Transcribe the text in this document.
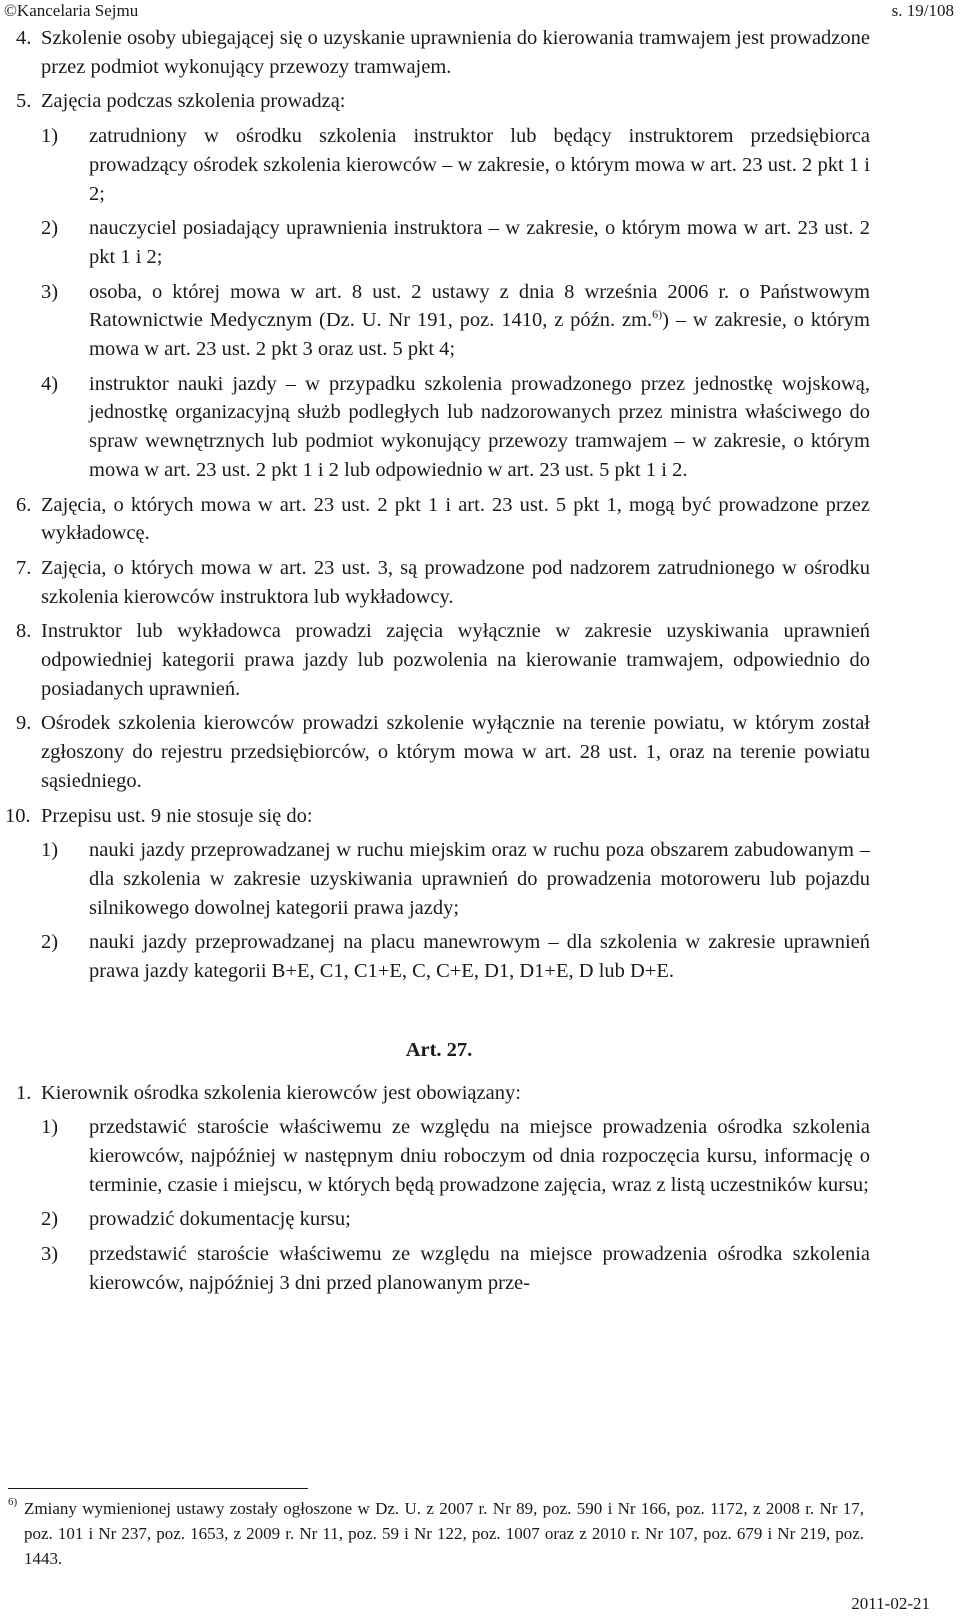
©Kancelaria Sejmu	s. 19/108
4. Szkolenie osoby ubiegającej się o uzyskanie uprawnienia do kierowania tramwajem jest prowadzone przez podmiot wykonujący przewozy tramwajem.
5. Zajęcia podczas szkolenia prowadzą:
1) zatrudniony w ośrodku szkolenia instruktor lub będący instruktorem przedsiębiorca prowadzący ośrodek szkolenia kierowców – w zakresie, o którym mowa w art. 23 ust. 2 pkt 1 i 2;
2) nauczyciel posiadający uprawnienia instruktora – w zakresie, o którym mowa w art. 23 ust. 2 pkt 1 i 2;
3) osoba, o której mowa w art. 8 ust. 2 ustawy z dnia 8 września 2006 r. o Państwowym Ratownictwie Medycznym (Dz. U. Nr 191, poz. 1410, z późn. zm.$^{6)}$) – w zakresie, o którym mowa w art. 23 ust. 2 pkt 3 oraz ust. 5 pkt 4;
4) instruktor nauki jazdy – w przypadku szkolenia prowadzonego przez jednostkę wojskową, jednostkę organizacyjną służb podległych lub nadzorowanych przez ministra właściwego do spraw wewnętrznych lub podmiot wykonujący przewozy tramwajem – w zakresie, o którym mowa w art. 23 ust. 2 pkt 1 i 2 lub odpowiednio w art. 23 ust. 5 pkt 1 i 2.
6. Zajęcia, o których mowa w art. 23 ust. 2 pkt 1 i art. 23 ust. 5 pkt 1, mogą być prowadzone przez wykładowcę.
7. Zajęcia, o których mowa w art. 23 ust. 3, są prowadzone pod nadzorem zatrudnionego w ośrodku szkolenia kierowców instruktora lub wykładowcy.
8. Instruktor lub wykładowca prowadzi zajęcia wyłącznie w zakresie uzyskiwania uprawnień odpowiedniej kategorii prawa jazdy lub pozwolenia na kierowanie tramwajem, odpowiednio do posiadanych uprawnień.
9. Ośrodek szkolenia kierowców prowadzi szkolenie wyłącznie na terenie powiatu, w którym został zgłoszony do rejestru przedsiębiorców, o którym mowa w art. 28 ust. 1, oraz na terenie powiatu sąsiedniego.
10. Przepisu ust. 9 nie stosuje się do:
1) nauki jazdy przeprowadzanej w ruchu miejskim oraz w ruchu poza obszarem zabudowanym – dla szkolenia w zakresie uzyskiwania uprawnień do prowadzenia motoroweru lub pojazdu silnikowego dowolnej kategorii prawa jazdy;
2) nauki jazdy przeprowadzanej na placu manewrowym – dla szkolenia w zakresie uprawnień prawa jazdy kategorii B+E, C1, C1+E, C, C+E, D1, D1+E, D lub D+E.
Art. 27.
1. Kierownik ośrodka szkolenia kierowców jest obowiązany:
1) przedstawić staroście właściwemu ze względu na miejsce prowadzenia ośrodka szkolenia kierowców, najpóźniej w następnym dniu roboczym od dnia rozpoczęcia kursu, informację o terminie, czasie i miejscu, w których będą prowadzone zajęcia, wraz z listą uczestników kursu;
2) prowadzić dokumentację kursu;
3) przedstawić staroście właściwemu ze względu na miejsce prowadzenia ośrodka szkolenia kierowców, najpóźniej 3 dni przed planowanym prze-
6) Zmiany wymienionej ustawy zostały ogłoszone w Dz. U. z 2007 r. Nr 89, poz. 590 i Nr 166, poz. 1172, z 2008 r. Nr 17, poz. 101 i Nr 237, poz. 1653, z 2009 r. Nr 11, poz. 59 i Nr 122, poz. 1007 oraz z 2010 r. Nr 107, poz. 679 i Nr 219, poz. 1443.
2011-02-21
